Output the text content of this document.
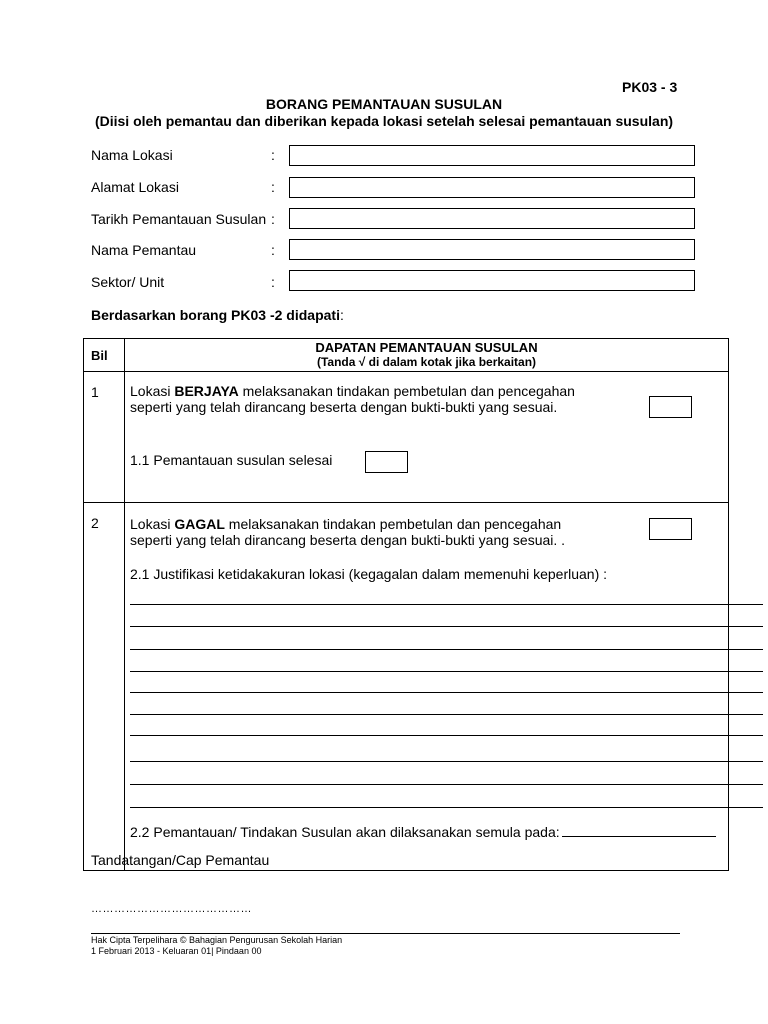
PK03 - 3
BORANG PEMANTAUAN SUSULAN
(Diisi oleh pemantau dan diberikan kepada lokasi setelah selesai pemantauan susulan)
Nama Lokasi	:
Alamat Lokasi	:
Tarikh Pemantauan Susulan :
Nama Pemantau	:
Sektor/ Unit	:
Berdasarkan borang PK03 -2 didapati:
Bil	DAPATAN PEMANTAUAN SUSULAN
(Tanda √ di dalam kotak jika berkaitan)

1	Lokasi BERJAYA melaksanakan tindakan pembetulan dan pencegahan
seperti yang telah dirancang beserta dengan bukti-bukti yang sesuai.
1.1 Pemantauan susulan selesai

2	Lokasi GAGAL melaksanakan tindakan pembetulan dan pencegahan
seperti yang telah dirancang beserta dengan bukti-bukti yang sesuai. .
2.1 Justifikasi ketidakakuran lokasi (kegagalan dalam memenuhi keperluan) :
2.2 Pemantauan/ Tindakan Susulan akan dilaksanakan semula pada:
Tandatangan/Cap Pemantau
……………………………………
Hak Cipta Terpelihara © Bahagian Pengurusan Sekolah Harian
1 Februari 2013 - Keluaran 01| Pindaan 00
